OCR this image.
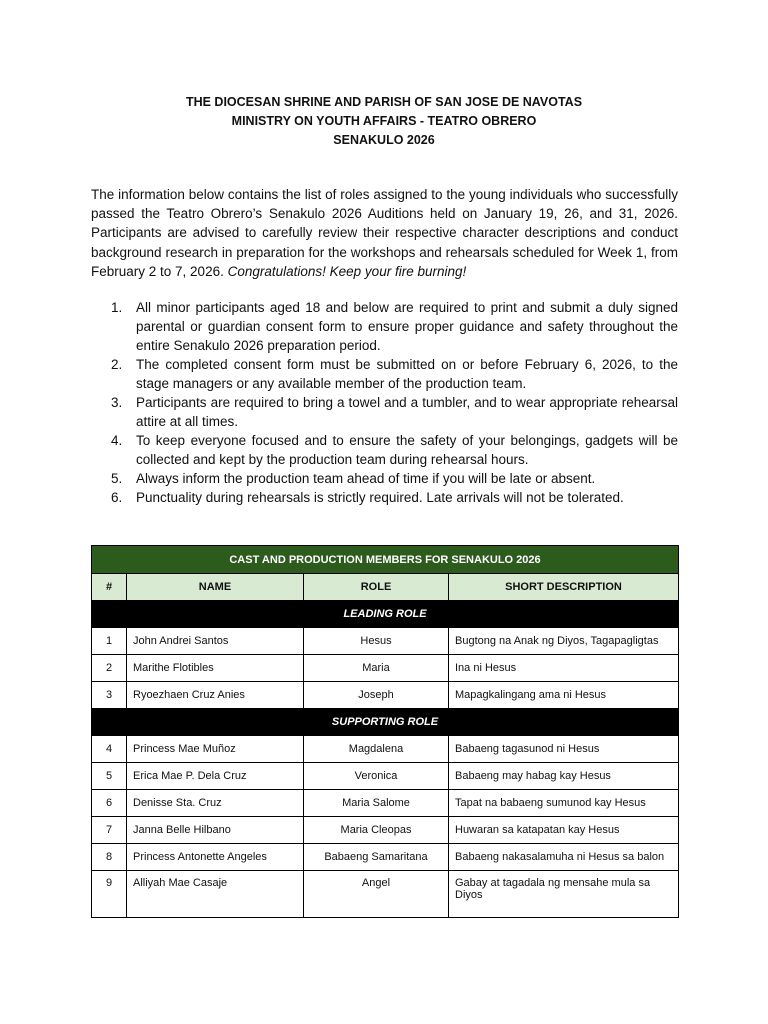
THE DIOCESAN SHRINE AND PARISH OF SAN JOSE DE NAVOTAS
MINISTRY ON YOUTH AFFAIRS - TEATRO OBRERO
SENAKULO 2026
The information below contains the list of roles assigned to the young individuals who successfully passed the Teatro Obrero’s Senakulo 2026 Auditions held on January 19, 26, and 31, 2026. Participants are advised to carefully review their respective character descriptions and conduct background research in preparation for the workshops and rehearsals scheduled for Week 1, from February 2 to 7, 2026. Congratulations! Keep your fire burning!
1. All minor participants aged 18 and below are required to print and submit a duly signed parental or guardian consent form to ensure proper guidance and safety throughout the entire Senakulo 2026 preparation period.
2. The completed consent form must be submitted on or before February 6, 2026, to the stage managers or any available member of the production team.
3. Participants are required to bring a towel and a tumbler, and to wear appropriate rehearsal attire at all times.
4. To keep everyone focused and to ensure the safety of your belongings, gadgets will be collected and kept by the production team during rehearsal hours.
5. Always inform the production team ahead of time if you will be late or absent.
6. Punctuality during rehearsals is strictly required. Late arrivals will not be tolerated.
CAST AND PRODUCTION MEMBERS FOR SENAKULO 2026			
#	NAME	ROLE	SHORT DESCRIPTION
LEADING ROLE			
1	John Andrei Santos	Hesus	Bugtong na Anak ng Diyos, Tagapagligtas
2	Marithe Flotibles	Maria	Ina ni Hesus
3	Ryoezhaen Cruz Anies	Joseph	Mapagkalingang ama ni Hesus
SUPPORTING ROLE			
4	Princess Mae Muñoz	Magdalena	Babaeng tagasunod ni Hesus
5	Erica Mae P. Dela Cruz	Veronica	Babaeng may habag kay Hesus
6	Denisse Sta. Cruz	Maria Salome	Tapat na babaeng sumunod kay Hesus
7	Janna Belle Hilbano	Maria Cleopas	Huwaran sa katapatan kay Hesus
8	Princess Antonette Angeles	Babaeng Samaritana	Babaeng nakasalamuha ni Hesus sa balon
9	Alliyah Mae Casaje	Angel	Gabay at tagadala ng mensahe mula sa Diyos
